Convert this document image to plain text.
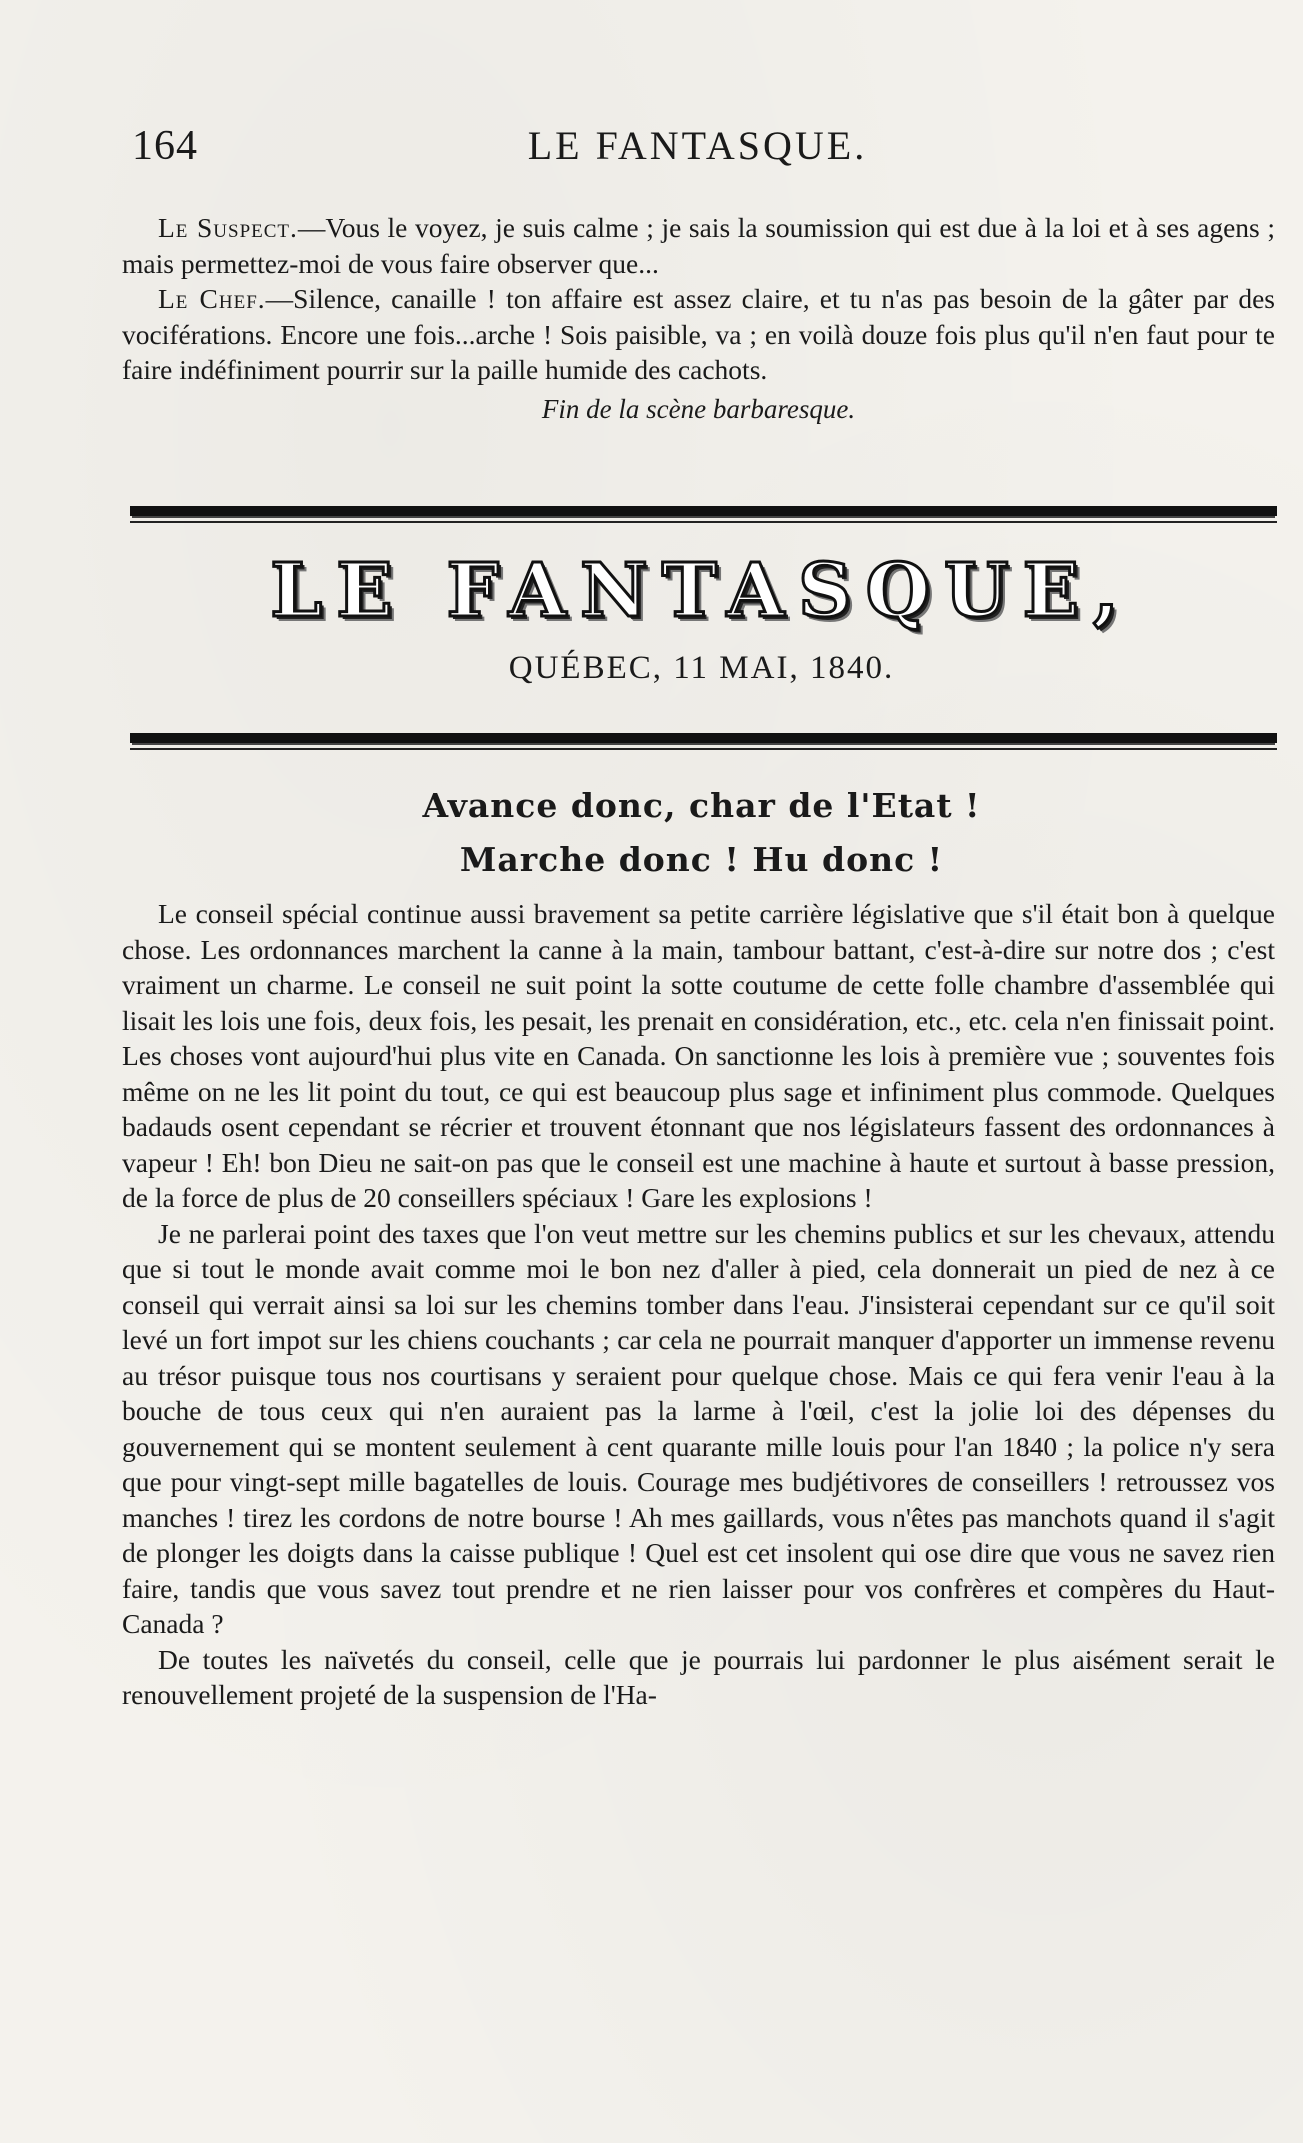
164	LE FANTASQUE.

Le Suspect.—Vous le voyez, je suis calme ; je sais la soumission qui est due à la loi et à ses agens ; mais permettez-moi de vous faire observer que...

Le Chef.—Silence, canaille ! ton affaire est assez claire, et tu n'as pas besoin de la gâter par des vociférations. Encore une fois...arche ! Sois paisible, va ; en voilà douze fois plus qu'il n'en faut pour te faire indéfiniment pourrir sur la paille humide des cachots.

Fin de la scène barbaresque.

LE FANTASQUE,
QUÉBEC, 11 MAI, 1840.
Avance donc, char de l'Etat !
Marche donc ! Hu donc !

Le conseil spécial continue aussi bravement sa petite carrière législative que s'il était bon à quelque chose. Les ordonnances marchent la canne à la main, tambour battant, c'est-à-dire sur notre dos ; c'est vraiment un charme. Le conseil ne suit point la sotte coutume de cette folle chambre d'assemblée qui lisait les lois une fois, deux fois, les pesait, les prenait en considération, etc., etc. cela n'en finissait point. Les choses vont aujourd'hui plus vite en Canada. On sanctionne les lois à première vue ; souventes fois même on ne les lit point du tout, ce qui est beaucoup plus sage et infiniment plus commode. Quelques badauds osent cependant se récrier et trouvent étonnant que nos législateurs fassent des ordonnances à vapeur ! Eh! bon Dieu ne sait-on pas que le conseil est une machine à haute et surtout à basse pression, de la force de plus de 20 conseillers spéciaux ! Gare les explosions !

Je ne parlerai point des taxes que l'on veut mettre sur les chemins publics et sur les chevaux, attendu que si tout le monde avait comme moi le bon nez d'aller à pied, cela donnerait un pied de nez à ce conseil qui verrait ainsi sa loi sur les chemins tomber dans l'eau. J'insisterai cependant sur ce qu'il soit levé un fort impot sur les chiens couchants ; car cela ne pourrait manquer d'apporter un immense revenu au trésor puisque tous nos courtisans y seraient pour quelque chose. Mais ce qui fera venir l'eau à la bouche de tous ceux qui n'en auraient pas la larme à l'œil, c'est la jolie loi des dépenses du gouvernement qui se montent seulement à cent quarante mille louis pour l'an 1840 ; la police n'y sera que pour vingt-sept mille bagatelles de louis. Courage mes budjétivores de conseillers ! retroussez vos manches ! tirez les cordons de notre bourse ! Ah mes gaillards, vous n'êtes pas manchots quand il s'agit de plonger les doigts dans la caisse publique ! Quel est cet insolent qui ose dire que vous ne savez rien faire, tandis que vous savez tout prendre et ne rien laisser pour vos confrères et compères du Haut-Canada ?

De toutes les naïvetés du conseil, celle que je pourrais lui pardonner le plus aisément serait le renouvellement projeté de la suspension de l'Ha-
